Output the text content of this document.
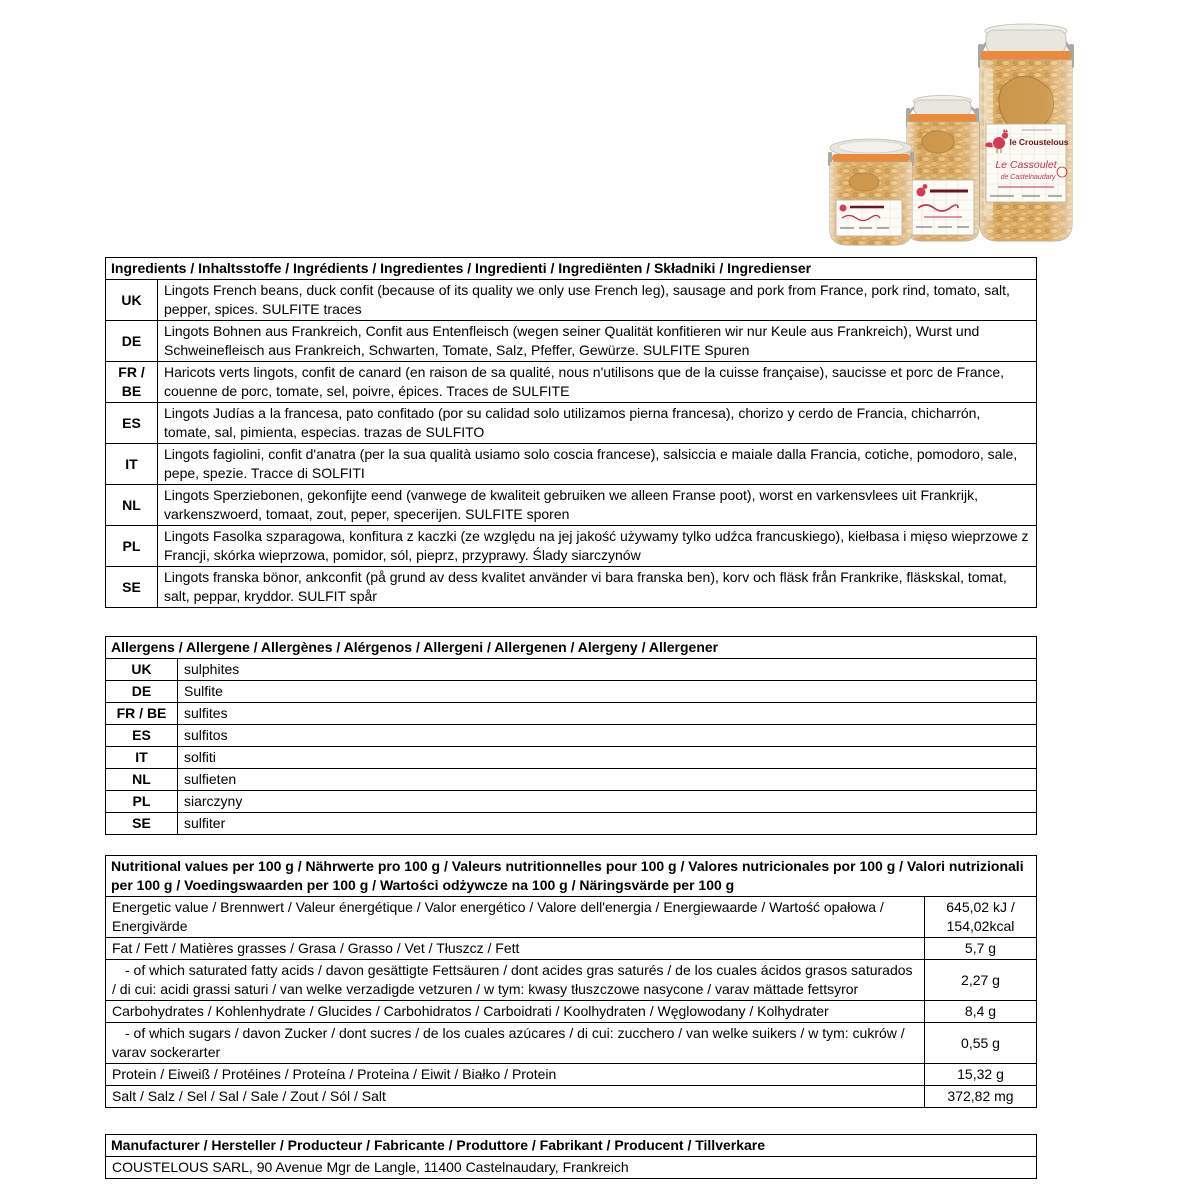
le Croustelous
Le Cassoulet
de Castelnaudary
Ingredients / Inhaltsstoffe / Ingrédients / Ingredientes / Ingredienti / Ingrediënten / Składniki / Ingredienser	
UK	Lingots French beans, duck confit (because of its quality we only use French leg), sausage and pork from France, pork rind, tomato, salt, pepper, spices. SULFITE traces
DE	Lingots Bohnen aus Frankreich, Confit aus Entenfleisch (wegen seiner Qualität konfitieren wir nur Keule aus Frankreich), Wurst und Schweinefleisch aus Frankreich, Schwarten, Tomate, Salz, Pfeffer, Gewürze. SULFITE Spuren
FR / BE	Haricots verts lingots, confit de canard (en raison de sa qualité, nous n'utilisons que de la cuisse française), saucisse et porc de France, couenne de porc, tomate, sel, poivre, épices. Traces de SULFITE
ES	Lingots Judías a la francesa, pato confitado (por su calidad solo utilizamos pierna francesa), chorizo y cerdo de Francia, chicharrón, tomate, sal, pimienta, especias. trazas de SULFITO
IT	Lingots fagiolini, confit d'anatra (per la sua qualità usiamo solo coscia francese), salsiccia e maiale dalla Francia, cotiche, pomodoro, sale, pepe, spezie. Tracce di SOLFITI
NL	Lingots Sperziebonen, gekonfijte eend (vanwege de kwaliteit gebruiken we alleen Franse poot), worst en varkensvlees uit Frankrijk, varkenszwoerd, tomaat, zout, peper, specerijen. SULFITE sporen
PL	Lingots Fasolka szparagowa, konfitura z kaczki (ze względu na jej jakość używamy tylko udźca francuskiego), kiełbasa i mięso wieprzowe z Francji, skórka wieprzowa, pomidor, sól, pieprz, przyprawy. Ślady siarczynów
SE	Lingots franska bönor, ankconfit (på grund av dess kvalitet använder vi bara franska ben), korv och fläsk från Frankrike, fläskskal, tomat, salt, peppar, kryddor. SULFIT spår
Allergens / Allergene / Allergènes / Alérgenos / Allergeni / Allergenen / Alergeny / Allergener	
UK	sulphites
DE	Sulfite
FR / BE	sulfites
ES	sulfitos
IT	solfiti
NL	sulfieten
PL	siarczyny
SE	sulfiter
Nutritional values per 100 g / Nährwerte pro 100 g / Valeurs nutritionnelles pour 100 g / Valores nutricionales por 100 g / Valori nutrizionali per 100 g / Voedingswaarden per 100 g / Wartości odżywcze na 100 g / Näringsvärde per 100 g	
Energetic value / Brennwert / Valeur énergétique / Valor energético / Valore dell'energia / Energiewaarde / Wartość opałowa / Energivärde	645,02 kJ / 154,02kcal
Fat / Fett / Matières grasses / Grasa / Grasso / Vet / Tłuszcz / Fett	5,7 g
- of which saturated fatty acids / davon gesättigte Fettsäuren / dont acides gras saturés / de los cuales ácidos grasos saturados / di cui: acidi grassi saturi / van welke verzadigde vetzuren / w tym: kwasy tłuszczowe nasycone / varav mättade fettsyror	2,27 g
Carbohydrates / Kohlenhydrate / Glucides / Carbohidratos / Carboidrati / Koolhydraten / Węglowodany / Kolhydrater	8,4 g
- of which sugars / davon Zucker / dont sucres / de los cuales azúcares / di cui: zucchero / van welke suikers / w tym: cukrów / varav sockerarter	0,55 g
Protein / Eiweiß / Protéines / Proteína / Proteina / Eiwit / Białko / Protein	15,32 g
Salt / Salz / Sel / Sal / Sale / Zout / Sól / Salt	372,82 mg
Manufacturer / Hersteller / Producteur / Fabricante / Produttore / Fabrikant / Producent / Tillverkare
COUSTELOUS SARL, 90 Avenue Mgr de Langle, 11400 Castelnaudary, Frankreich
